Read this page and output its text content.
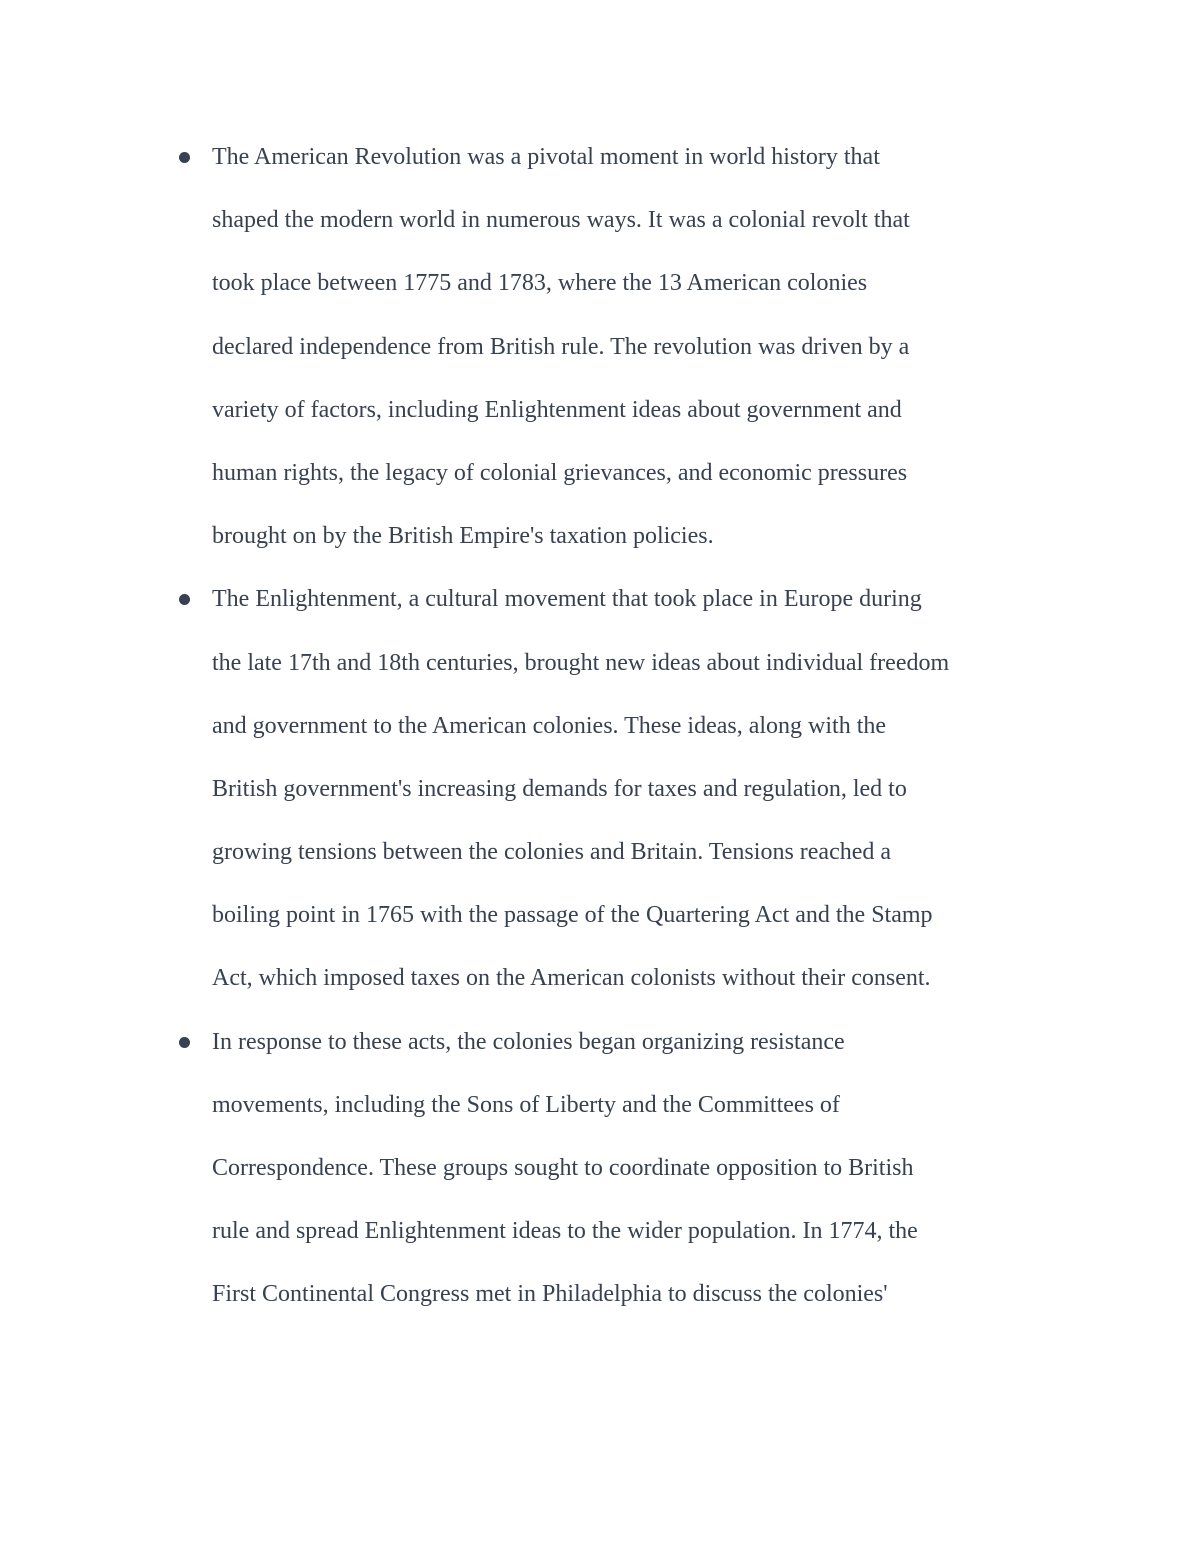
The American Revolution was a pivotal moment in world history that
shaped the modern world in numerous ways. It was a colonial revolt that
took place between 1775 and 1783, where the 13 American colonies
declared independence from British rule. The revolution was driven by a
variety of factors, including Enlightenment ideas about government and
human rights, the legacy of colonial grievances, and economic pressures
brought on by the British Empire's taxation policies.
The Enlightenment, a cultural movement that took place in Europe during
the late 17th and 18th centuries, brought new ideas about individual freedom
and government to the American colonies. These ideas, along with the
British government's increasing demands for taxes and regulation, led to
growing tensions between the colonies and Britain. Tensions reached a
boiling point in 1765 with the passage of the Quartering Act and the Stamp
Act, which imposed taxes on the American colonists without their consent.
In response to these acts, the colonies began organizing resistance
movements, including the Sons of Liberty and the Committees of
Correspondence. These groups sought to coordinate opposition to British
rule and spread Enlightenment ideas to the wider population. In 1774, the
First Continental Congress met in Philadelphia to discuss the colonies'
